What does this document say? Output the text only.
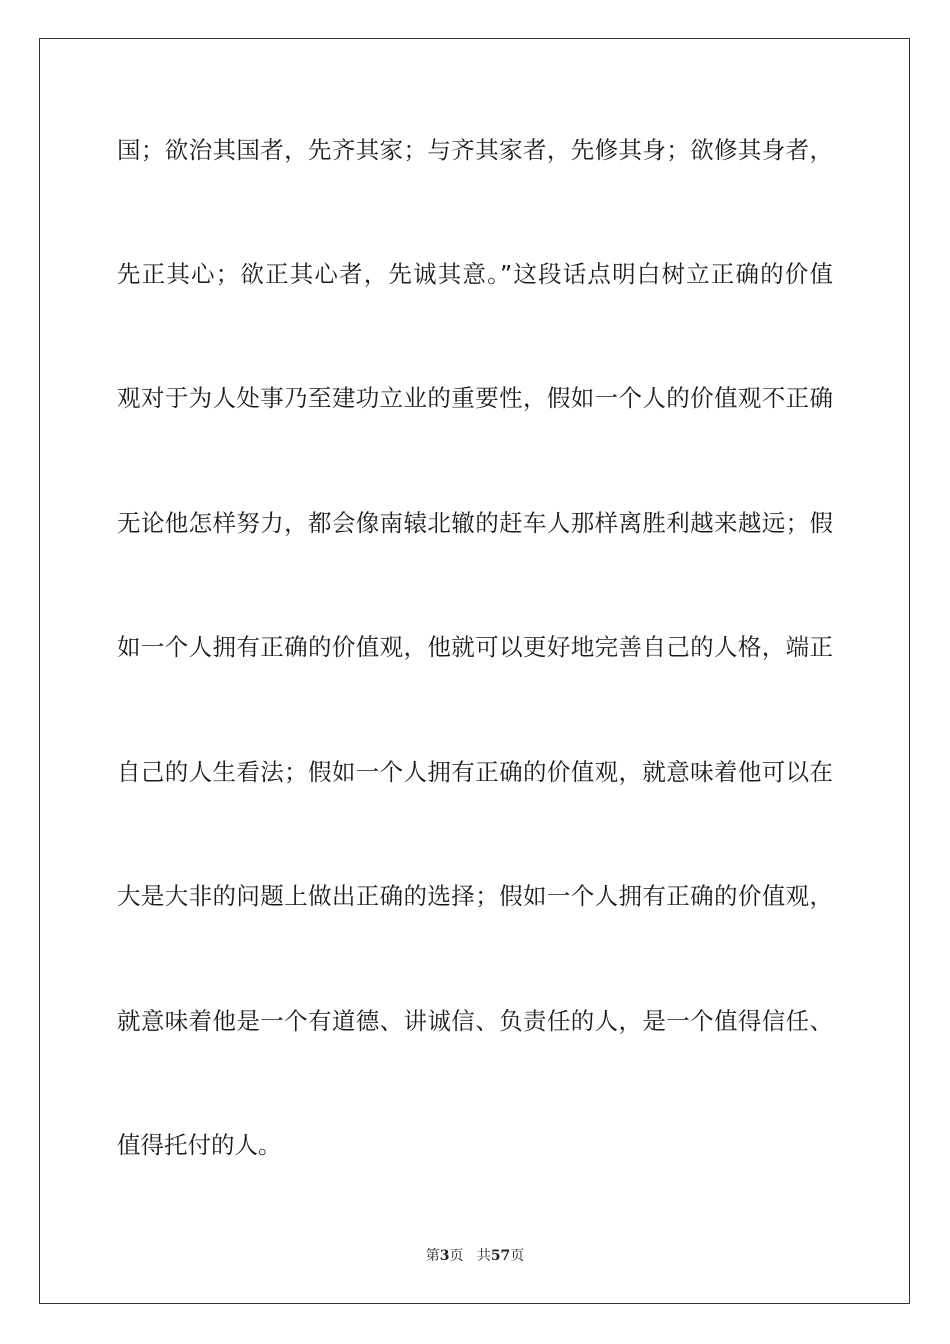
国；欲治其国者，先齐其家；与齐其家者，先修其身；欲修其身者，
先正其心；欲正其心者，先诚其意。”这段话点明白树立正确的价值
观对于为人处事乃至建功立业的重要性，假如一个人的价值观不正确
无论他怎样努力，都会像南辕北辙的赶车人那样离胜利越来越远；假
如一个人拥有正确的价值观，他就可以更好地完善自己的人格，端正
自己的人生看法；假如一个人拥有正确的价值观，就意味着他可以在
大是大非的问题上做出正确的选择；假如一个人拥有正确的价值观，
就意味着他是一个有道德、讲诚信、负责任的人，是一个值得信任、
值得托付的人。
第3页 共57页
